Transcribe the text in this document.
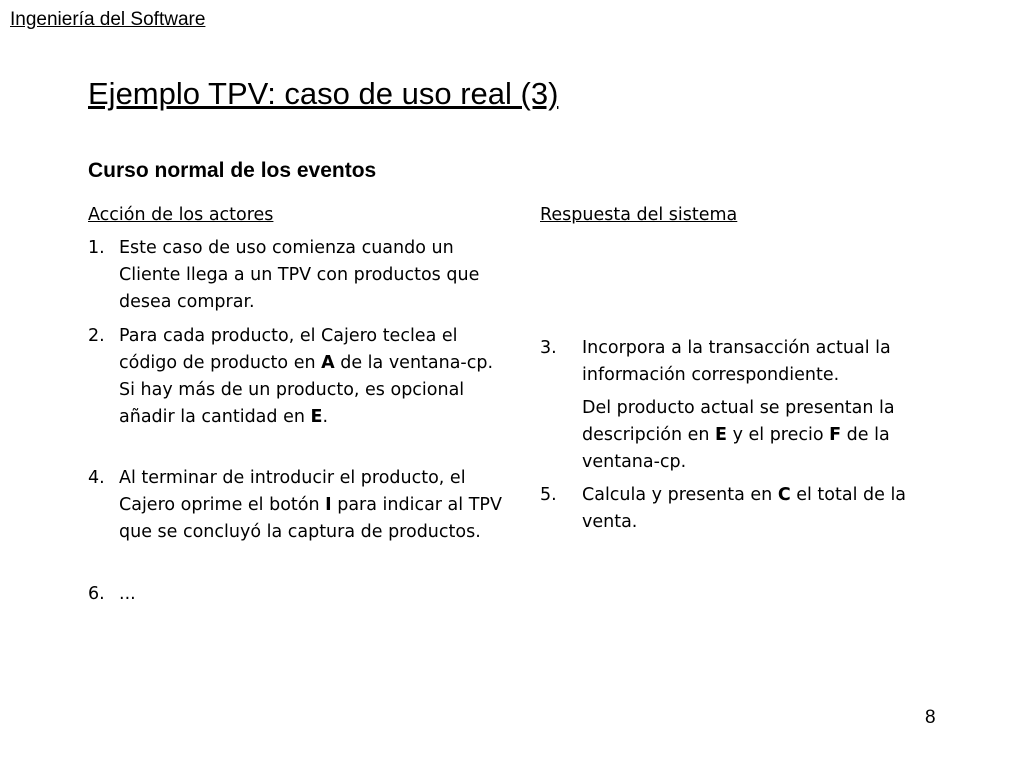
Ingeniería del Software
Ejemplo TPV: caso de uso real (3)
Curso normal de los eventos
Acción de los actores	Respuesta del sistema
1. Este caso de uso comienza cuando un Cliente llega a un TPV con productos que desea comprar.
2. Para cada producto, el Cajero teclea el código de producto en A de la ventana-cp. Si hay más de un producto, es opcional añadir la cantidad en E.
4. Al terminar de introducir el producto, el Cajero oprime el botón I para indicar al TPV que se concluyó la captura de productos.
6. ...
3. Incorpora a la transacción actual la información correspondiente.
Del producto actual se presentan la descripción en E y el precio F de la ventana-cp.
5. Calcula y presenta en C el total de la venta.
8
